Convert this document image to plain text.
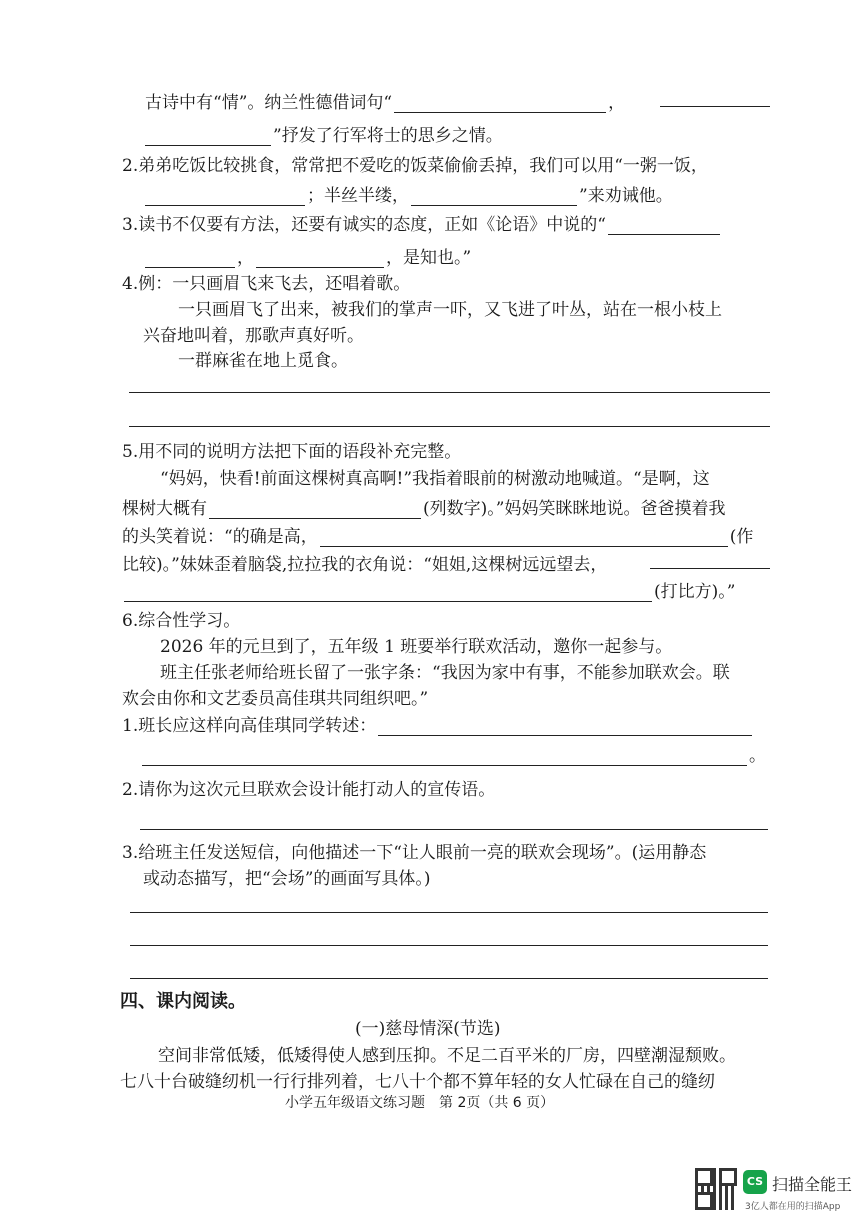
古诗中有“情”。纳兰性德借词句“	，
”抒发了行军将士的思乡之情。
2.弟弟吃饭比较挑食，常常把不爱吃的饭菜偷偷丢掉，我们可以用“一粥一饭，
；半丝半缕，	”来劝诫他。
3.读书不仅要有方法，还要有诚实的态度，正如《论语》中说的“
，	，是知也。”
4.例：一只画眉飞来飞去，还唱着歌。
一只画眉飞了出来，被我们的掌声一吓，又飞进了叶丛，站在一根小枝上
兴奋地叫着，那歌声真好听。
一群麻雀在地上觅食。
5.用不同的说明方法把下面的语段补充完整。
“妈妈，快看!前面这棵树真高啊!”我指着眼前的树激动地喊道。“是啊，这
棵树大概有	(列数字)。”妈妈笑眯眯地说。爸爸摸着我
的头笑着说：“的确是高，	(作
比较)。”妹妹歪着脑袋,拉拉我的衣角说：“姐姐,这棵树远远望去，
(打比方)。”
6.综合性学习。
2026 年的元旦到了，五年级 1 班要举行联欢活动，邀你一起参与。
班主任张老师给班长留了一张字条：“我因为家中有事，不能参加联欢会。联
欢会由你和文艺委员高佳琪共同组织吧。”
1.班长应这样向高佳琪同学转述：
。
2.请你为这次元旦联欢会设计能打动人的宣传语。
3.给班主任发送短信，向他描述一下“让人眼前一亮的联欢会现场”。(运用静态
或动态描写，把“会场”的画面写具体。)
四、课内阅读。
(一)慈母情深(节选)
空间非常低矮，低矮得使人感到压抑。不足二百平米的厂房，四壁潮湿颓败。
七八十台破缝纫机一行行排列着，七八十个都不算年轻的女人忙碌在自己的缝纫
小学五年级语文练习题　第 2页（共 6 页）
CS 扫描全能王
3亿人都在用的扫描App
